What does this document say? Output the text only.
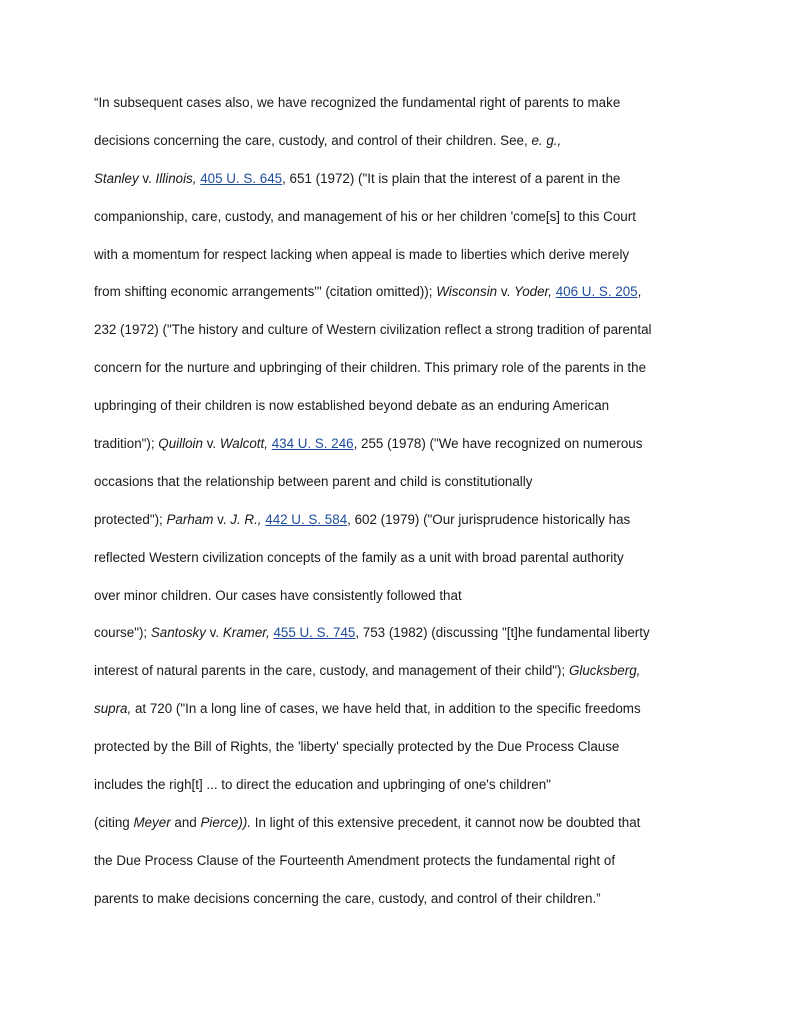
“In subsequent cases also, we have recognized the fundamental right of parents to make
decisions concerning the care, custody, and control of their children. See, e. g.,
Stanley v. Illinois, 405 U. S. 645, 651 (1972) ("It is plain that the interest of a parent in the
companionship, care, custody, and management of his or her children 'come[s] to this Court
with a momentum for respect lacking when appeal is made to liberties which derive merely
from shifting economic arrangements'" (citation omitted)); Wisconsin v. Yoder, 406 U. S. 205,
232 (1972) ("The history and culture of Western civilization reflect a strong tradition of parental
concern for the nurture and upbringing of their children. This primary role of the parents in the
upbringing of their children is now established beyond debate as an enduring American
tradition"); Quilloin v. Walcott, 434 U. S. 246, 255 (1978) ("We have recognized on numerous
occasions that the relationship between parent and child is constitutionally
protected"); Parham v. J. R., 442 U. S. 584, 602 (1979) ("Our jurisprudence historically has
reflected Western civilization concepts of the family as a unit with broad parental authority
over minor children. Our cases have consistently followed that
course"); Santosky v. Kramer, 455 U. S. 745, 753 (1982) (discussing "[t]he fundamental liberty
interest of natural parents in the care, custody, and management of their child"); Glucksberg,
supra, at 720 ("In a long line of cases, we have held that, in addition to the specific freedoms
protected by the Bill of Rights, the 'liberty' specially protected by the Due Process Clause
includes the righ[t] ... to direct the education and upbringing of one's children"
(citing Meyer and Pierce)). In light of this extensive precedent, it cannot now be doubted that
the Due Process Clause of the Fourteenth Amendment protects the fundamental right of
parents to make decisions concerning the care, custody, and control of their children.”
